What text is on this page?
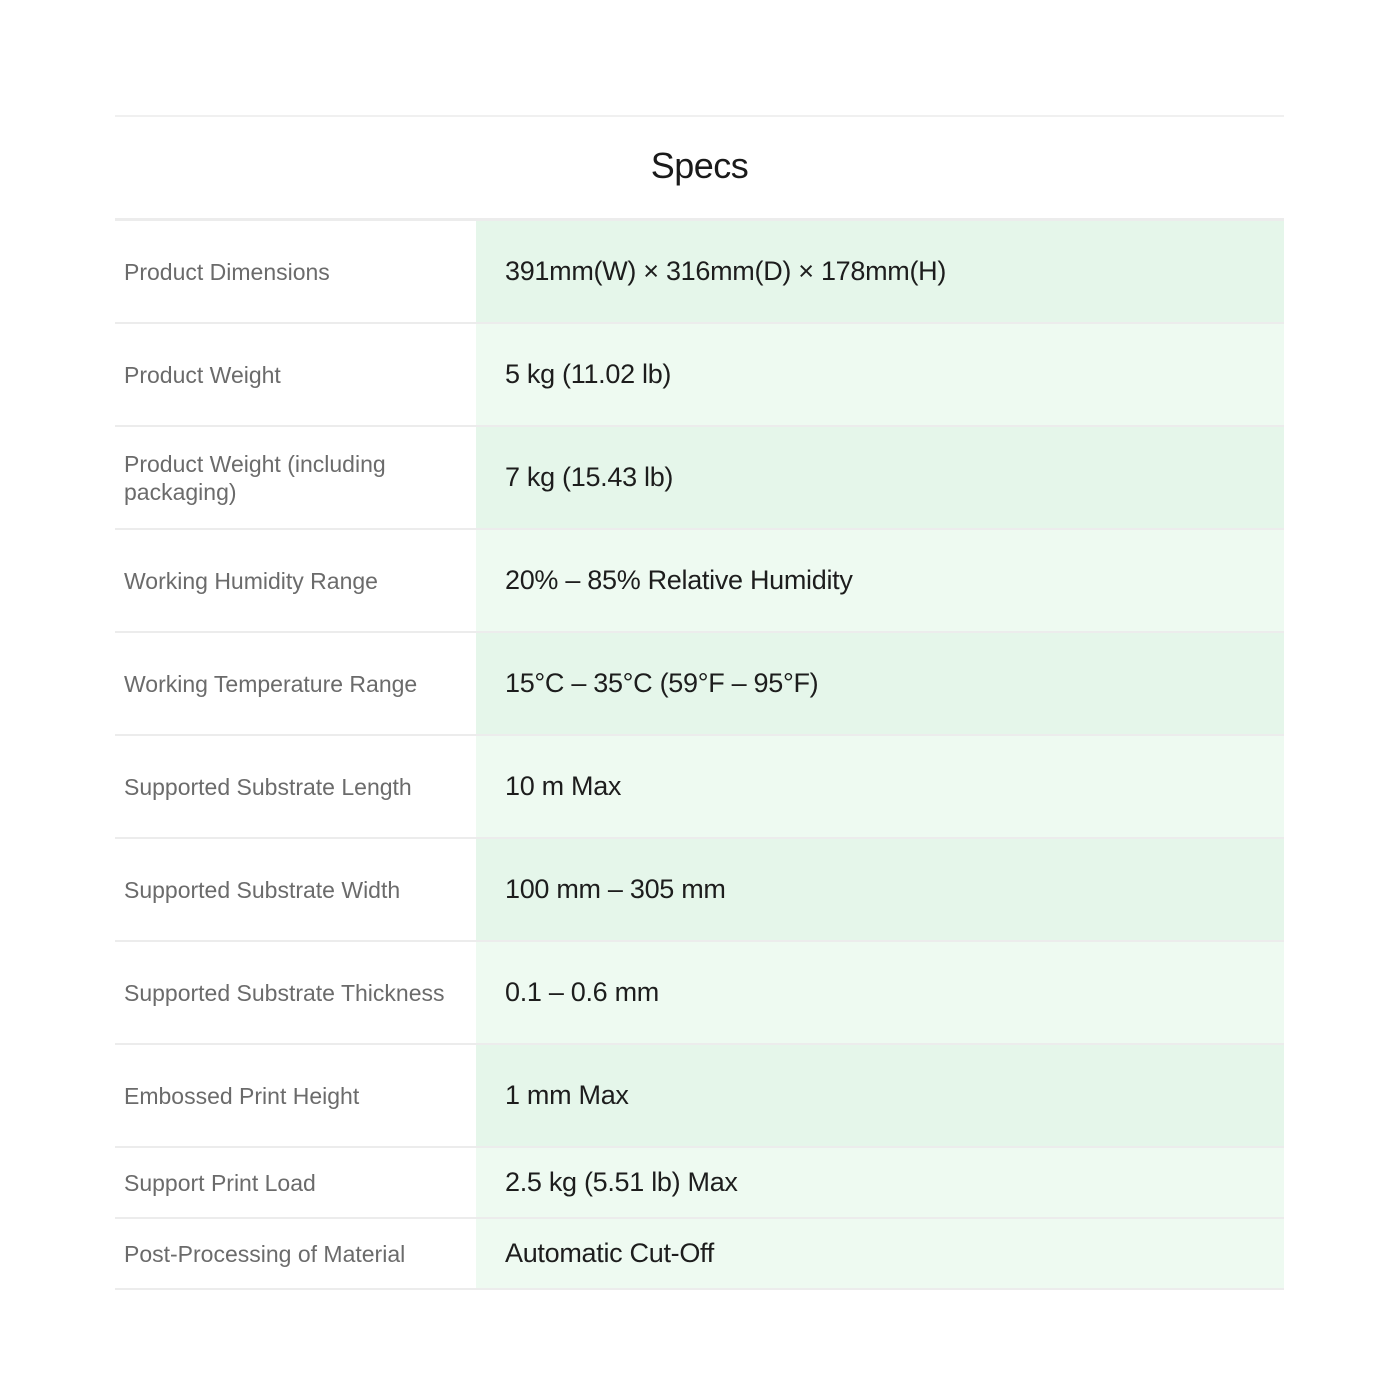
Specs
Product Dimensions	391mm(W) × 316mm(D) × 178mm(H)
Product Weight	5 kg (11.02 lb)
Product Weight (including packaging)	7 kg (15.43 lb)
Working Humidity Range	20% – 85% Relative Humidity
Working Temperature Range	15°C – 35°C (59°F – 95°F)
Supported Substrate Length	10 m Max
Supported Substrate Width	100 mm – 305 mm
Supported Substrate Thickness	0.1 – 0.6 mm
Embossed Print Height	1 mm Max
Support Print Load	2.5 kg (5.51 lb) Max
Post-Processing of Material	Automatic Cut-Off
